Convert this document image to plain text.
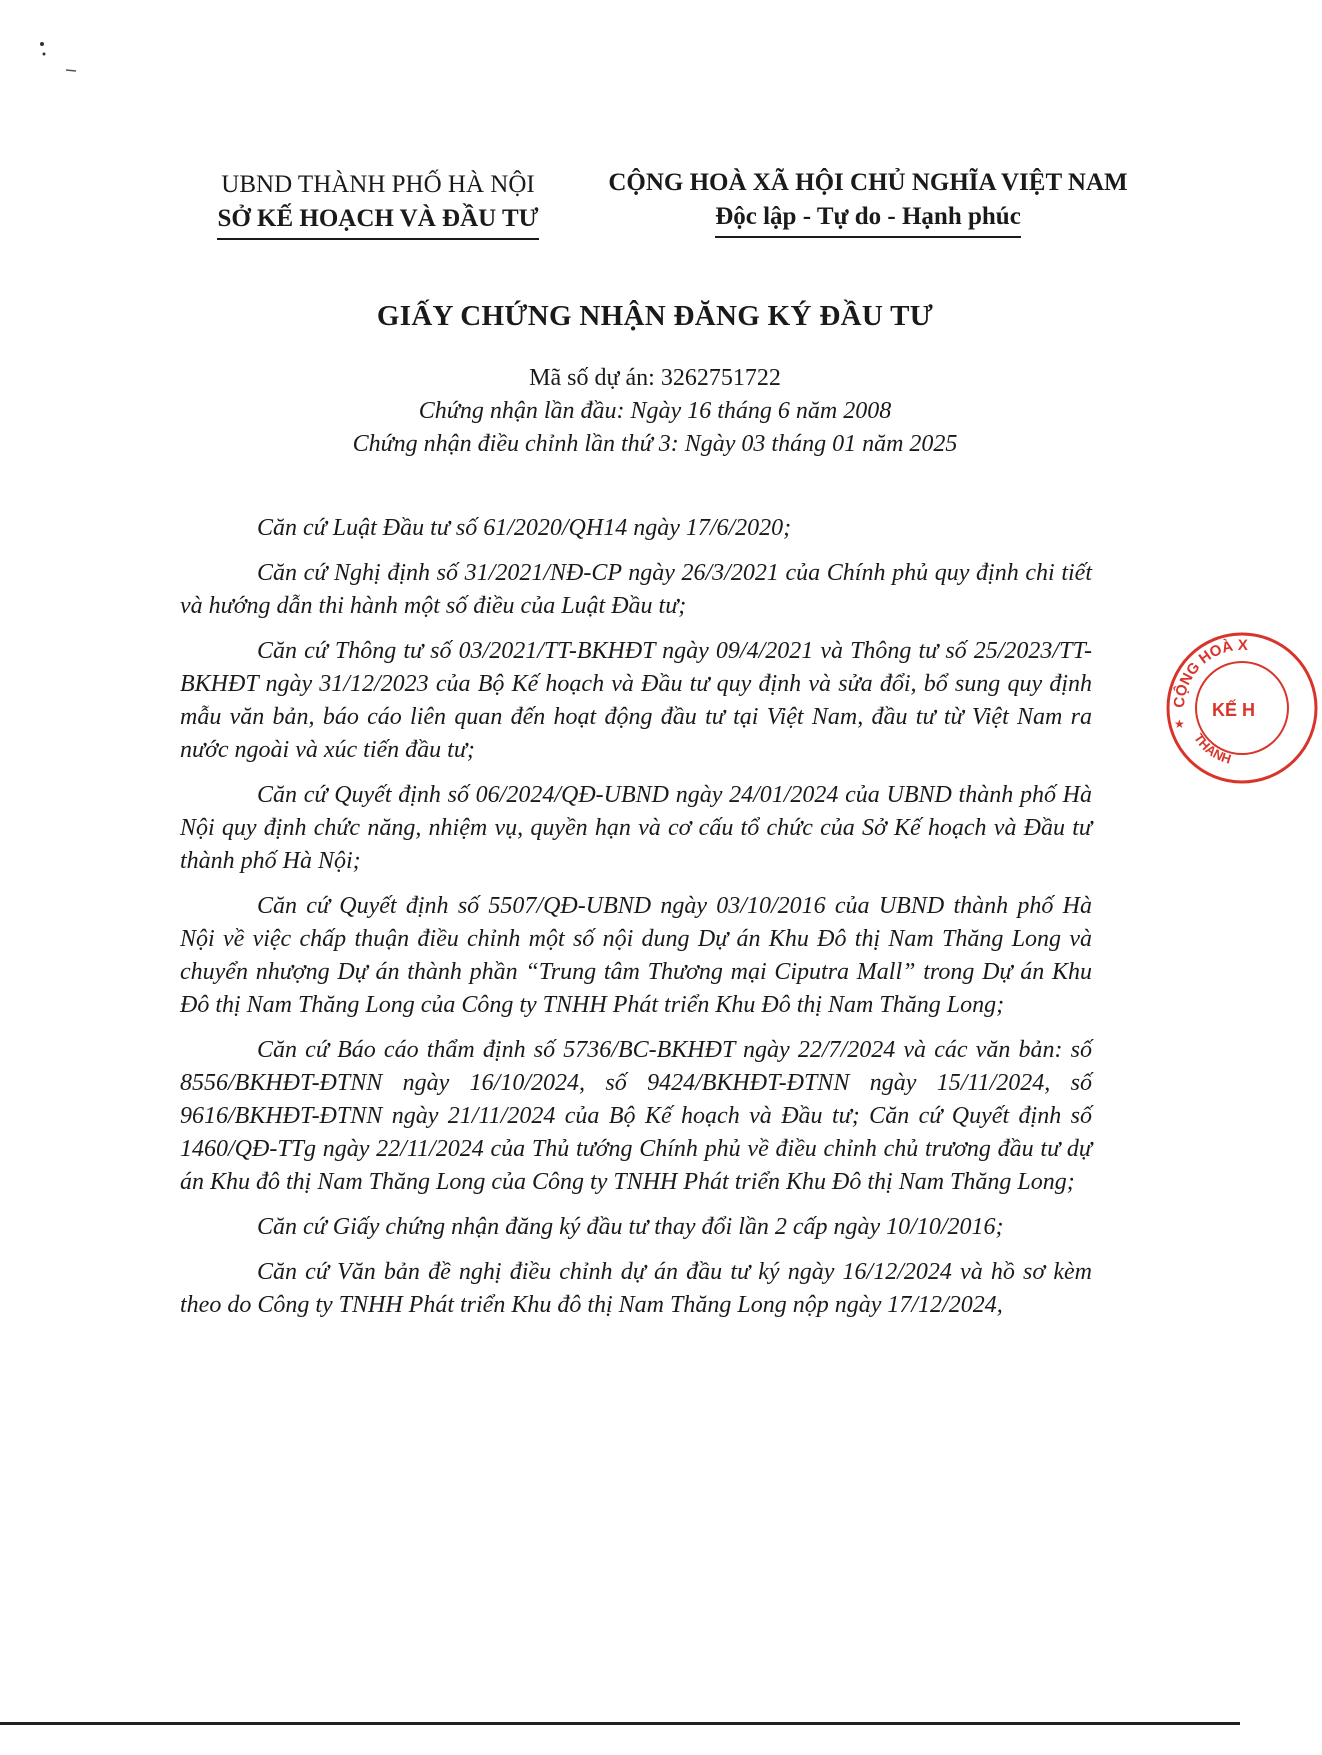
UBND THÀNH PHỐ HÀ NỘI
SỞ KẾ HOẠCH VÀ ĐẦU TƯ
CỘNG HOÀ XÃ HỘI CHỦ NGHĨA VIỆT NAM
Độc lập - Tự do - Hạnh phúc
GIẤY CHỨNG NHẬN ĐĂNG KÝ ĐẦU TƯ
Mã số dự án: 3262751722
Chứng nhận lần đầu: Ngày 16 tháng 6 năm 2008
Chứng nhận điều chỉnh lần thứ 3: Ngày 03 tháng 01 năm 2025

Căn cứ Luật Đầu tư số 61/2020/QH14 ngày 17/6/2020;

Căn cứ Nghị định số 31/2021/NĐ-CP ngày 26/3/2021 của Chính phủ quy định chi tiết và hướng dẫn thi hành một số điều của Luật Đầu tư;

Căn cứ Thông tư số 03/2021/TT-BKHĐT ngày 09/4/2021 và Thông tư số 25/2023/TT-BKHĐT ngày 31/12/2023 của Bộ Kế hoạch và Đầu tư quy định và sửa đổi, bổ sung quy định mẫu văn bản, báo cáo liên quan đến hoạt động đầu tư tại Việt Nam, đầu tư từ Việt Nam ra nước ngoài và xúc tiến đầu tư;

Căn cứ Quyết định số 06/2024/QĐ-UBND ngày 24/01/2024 của UBND thành phố Hà Nội quy định chức năng, nhiệm vụ, quyền hạn và cơ cấu tổ chức của Sở Kế hoạch và Đầu tư thành phố Hà Nội;

Căn cứ Quyết định số 5507/QĐ-UBND ngày 03/10/2016 của UBND thành phố Hà Nội về việc chấp thuận điều chỉnh một số nội dung Dự án Khu Đô thị Nam Thăng Long và chuyển nhượng Dự án thành phần “Trung tâm Thương mại Ciputra Mall” trong Dự án Khu Đô thị Nam Thăng Long của Công ty TNHH Phát triển Khu Đô thị Nam Thăng Long;

Căn cứ Báo cáo thẩm định số 5736/BC-BKHĐT ngày 22/7/2024 và các văn bản: số 8556/BKHĐT-ĐTNN ngày 16/10/2024, số 9424/BKHĐT-ĐTNN ngày 15/11/2024, số 9616/BKHĐT-ĐTNN ngày 21/11/2024 của Bộ Kế hoạch và Đầu tư; Căn cứ Quyết định số 1460/QĐ-TTg ngày 22/11/2024 của Thủ tướng Chính phủ về điều chỉnh chủ trương đầu tư dự án Khu đô thị Nam Thăng Long của Công ty TNHH Phát triển Khu Đô thị Nam Thăng Long;

Căn cứ Giấy chứng nhận đăng ký đầu tư thay đổi lần 2 cấp ngày 10/10/2016;

Căn cứ Văn bản đề nghị điều chỉnh dự án đầu tư ký ngày 16/12/2024 và hồ sơ kèm theo do Công ty TNHH Phát triển Khu đô thị Nam Thăng Long nộp ngày 17/12/2024,

CỘNG HOÀ X
THÀNH
KẾ H
★
